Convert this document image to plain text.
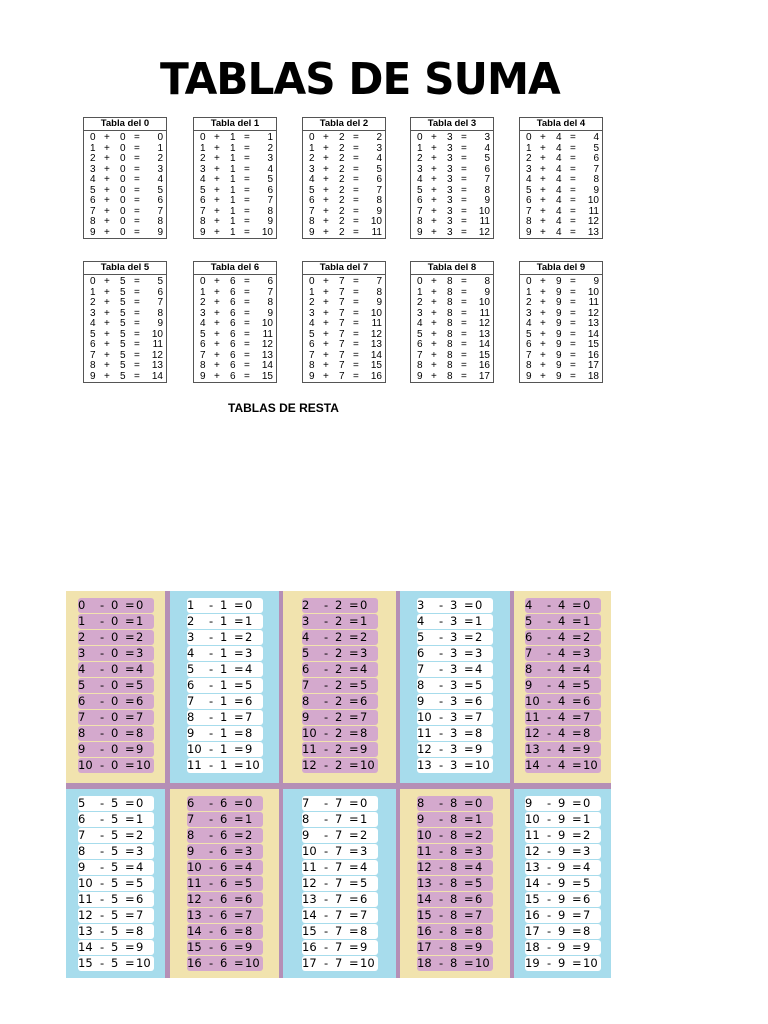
TABLAS DE SUMA
Tabla del 0
0 + 0 = 0
1 + 0 = 1
2 + 0 = 2
3 + 0 = 3
4 + 0 = 4
5 + 0 = 5
6 + 0 = 6
7 + 0 = 7
8 + 0 = 8
9 + 0 = 9
Tabla del 1
0 + 1 = 1
1 + 1 = 2
2 + 1 = 3
3 + 1 = 4
4 + 1 = 5
5 + 1 = 6
6 + 1 = 7
7 + 1 = 8
8 + 1 = 9
9 + 1 = 10
Tabla del 2
0 + 2 = 2
1 + 2 = 3
2 + 2 = 4
3 + 2 = 5
4 + 2 = 6
5 + 2 = 7
6 + 2 = 8
7 + 2 = 9
8 + 2 = 10
9 + 2 = 11
Tabla del 3
0 + 3 = 3
1 + 3 = 4
2 + 3 = 5
3 + 3 = 6
4 + 3 = 7
5 + 3 = 8
6 + 3 = 9
7 + 3 = 10
8 + 3 = 11
9 + 3 = 12
Tabla del 4
0 + 4 = 4
1 + 4 = 5
2 + 4 = 6
3 + 4 = 7
4 + 4 = 8
5 + 4 = 9
6 + 4 = 10
7 + 4 = 11
8 + 4 = 12
9 + 4 = 13
Tabla del 5
0 + 5 = 5
1 + 5 = 6
2 + 5 = 7
3 + 5 = 8
4 + 5 = 9
5 + 5 = 10
6 + 5 = 11
7 + 5 = 12
8 + 5 = 13
9 + 5 = 14
Tabla del 6
0 + 6 = 6
1 + 6 = 7
2 + 6 = 8
3 + 6 = 9
4 + 6 = 10
5 + 6 = 11
6 + 6 = 12
7 + 6 = 13
8 + 6 = 14
9 + 6 = 15
Tabla del 7
0 + 7 = 7
1 + 7 = 8
2 + 7 = 9
3 + 7 = 10
4 + 7 = 11
5 + 7 = 12
6 + 7 = 13
7 + 7 = 14
8 + 7 = 15
9 + 7 = 16
Tabla del 8
0 + 8 = 8
1 + 8 = 9
2 + 8 = 10
3 + 8 = 11
4 + 8 = 12
5 + 8 = 13
6 + 8 = 14
7 + 8 = 15
8 + 8 = 16
9 + 8 = 17
Tabla del 9
0 + 9 = 9
1 + 9 = 10
2 + 9 = 11
3 + 9 = 12
4 + 9 = 13
5 + 9 = 14
6 + 9 = 15
7 + 9 = 16
8 + 9 = 17
9 + 9 = 18
TABLAS DE RESTA
0 - 0 = 0
1 - 0 = 1
2 - 0 = 2
3 - 0 = 3
4 - 0 = 4
5 - 0 = 5
6 - 0 = 6
7 - 0 = 7
8 - 0 = 8
9 - 0 = 9
10 - 0 = 10
1 - 1 = 0
2 - 1 = 1
3 - 1 = 2
4 - 1 = 3
5 - 1 = 4
6 - 1 = 5
7 - 1 = 6
8 - 1 = 7
9 - 1 = 8
10 - 1 = 9
11 - 1 = 10
2 - 2 = 0
3 - 2 = 1
4 - 2 = 2
5 - 2 = 3
6 - 2 = 4
7 - 2 = 5
8 - 2 = 6
9 - 2 = 7
10 - 2 = 8
11 - 2 = 9
12 - 2 = 10
3 - 3 = 0
4 - 3 = 1
5 - 3 = 2
6 - 3 = 3
7 - 3 = 4
8 - 3 = 5
9 - 3 = 6
10 - 3 = 7
11 - 3 = 8
12 - 3 = 9
13 - 3 = 10
4 - 4 = 0
5 - 4 = 1
6 - 4 = 2
7 - 4 = 3
8 - 4 = 4
9 - 4 = 5
10 - 4 = 6
11 - 4 = 7
12 - 4 = 8
13 - 4 = 9
14 - 4 = 10
5 - 5 = 0
6 - 5 = 1
7 - 5 = 2
8 - 5 = 3
9 - 5 = 4
10 - 5 = 5
11 - 5 = 6
12 - 5 = 7
13 - 5 = 8
14 - 5 = 9
15 - 5 = 10
6 - 6 = 0
7 - 6 = 1
8 - 6 = 2
9 - 6 = 3
10 - 6 = 4
11 - 6 = 5
12 - 6 = 6
13 - 6 = 7
14 - 6 = 8
15 - 6 = 9
16 - 6 = 10
7 - 7 = 0
8 - 7 = 1
9 - 7 = 2
10 - 7 = 3
11 - 7 = 4
12 - 7 = 5
13 - 7 = 6
14 - 7 = 7
15 - 7 = 8
16 - 7 = 9
17 - 7 = 10
8 - 8 = 0
9 - 8 = 1
10 - 8 = 2
11 - 8 = 3
12 - 8 = 4
13 - 8 = 5
14 - 8 = 6
15 - 8 = 7
16 - 8 = 8
17 - 8 = 9
18 - 8 = 10
9 - 9 = 0
10 - 9 = 1
11 - 9 = 2
12 - 9 = 3
13 - 9 = 4
14 - 9 = 5
15 - 9 = 6
16 - 9 = 7
17 - 9 = 8
18 - 9 = 9
19 - 9 = 10
